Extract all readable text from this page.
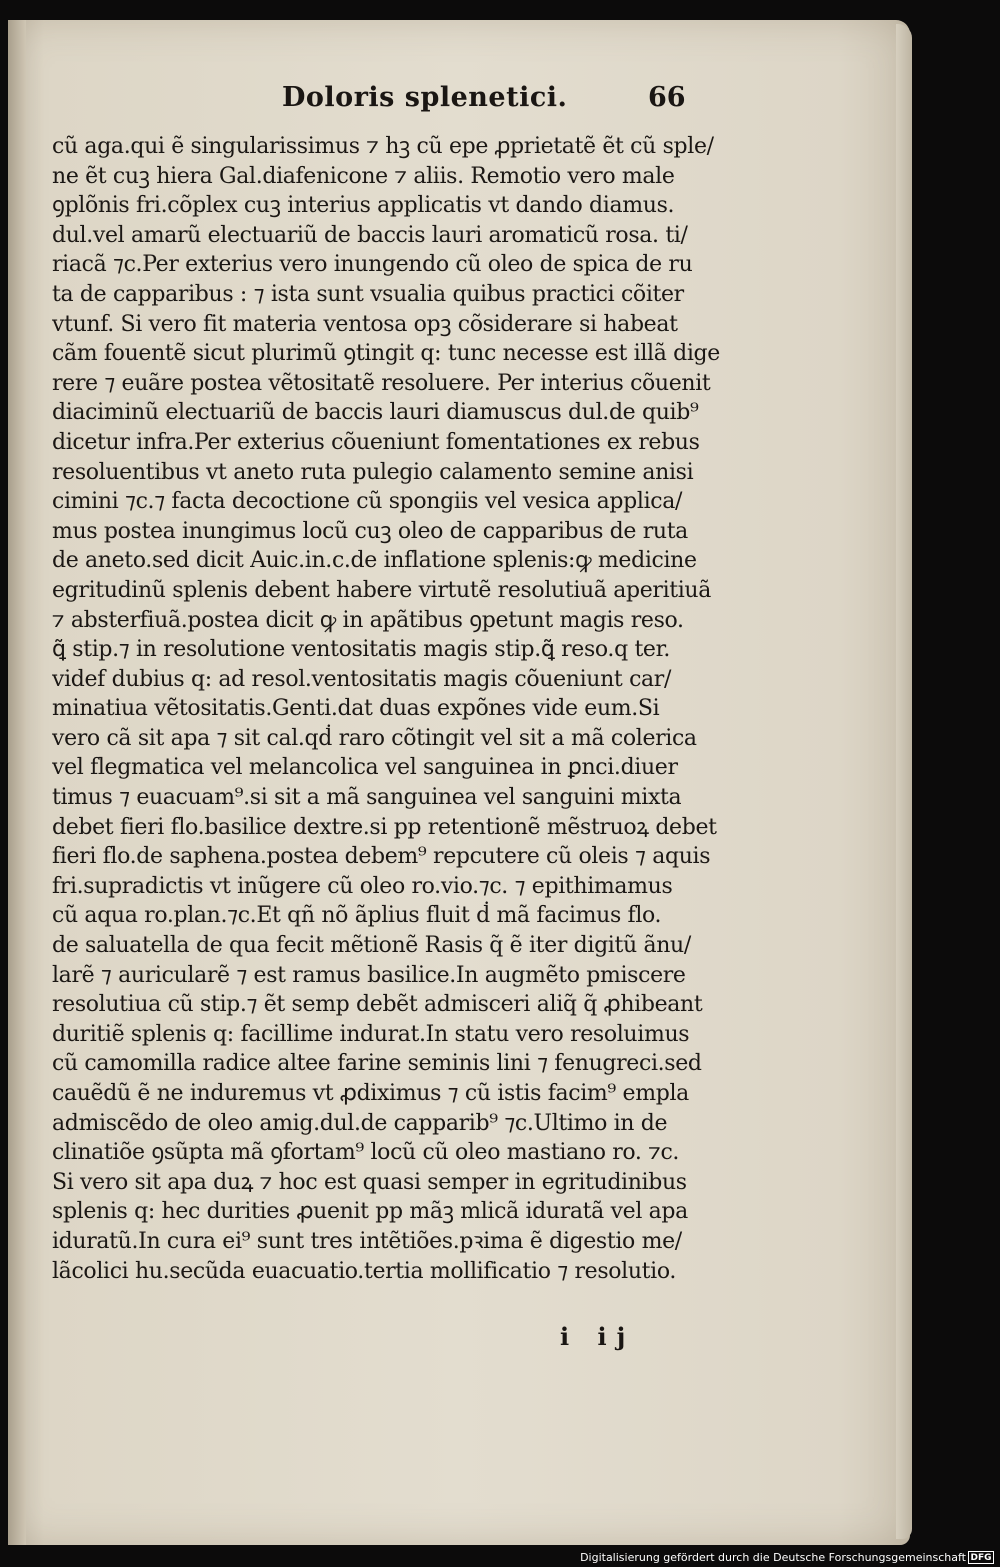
Doloris splenetici.	66
cũ aga.qui ẽ singularissimus ⁊ hꝫ cũ epe ꝓprietatẽ ẽt cũ sple/
ne ẽt cuꝫ hiera Gal.diafenicone ⁊ aliis. Remotio vero male
ꝯplõnis fri.cõplex cuꝫ interius applicatis vt dando diamus.
dul.vel amarũ electuariũ de baccis lauri aromaticũ rosa. ti/
riacã ⁊c.Per exterius vero inungendo cũ oleo de spica de ru
ta de capparibus : ⁊ ista sunt vsualia quibus practici cõiter
vtunf. Si vero fit materia ventosa opꝫ cõsiderare si habeat
cãm fouentẽ sicut plurimũ ꝯtingit q: tunc necesse est illã dige
rere ⁊ euãre postea vẽtositatẽ resoluere. Per interius cõuenit
diaciminũ electuariũ de baccis lauri diamuscus dul.de quib⁹
dicetur infra.Per exterius cõueniunt fomentationes ex rebus
resoluentibus vt aneto ruta pulegio calamento semine anisi
cimini ⁊c.⁊ facta decoctione cũ spongiis vel vesica applica/
mus postea inungimus locũ cuꝫ oleo de capparibus de ruta
de aneto.sed dicit Auic.in.c.de inflatione splenis:ꝙ medicine
egritudinũ splenis debent habere virtutẽ resolutiuã aperitiuã
⁊ absterfiuã.postea dicit ꝙ in apãtibus ꝯpetunt magis reso.
ꝗ̃ stip.⁊ in resolutione ventositatis magis stip.ꝗ̃ reso.q ter.
videf dubius q: ad resol.ventositatis magis cõueniunt car/
minatiua vẽtositatis.Genti.dat duas expõnes vide eum.Si
vero cã sit apa ⁊ sit cal.qḋ raro cõtingit vel sit a mã colerica
vel flegmatica vel melancolica vel sanguinea in ꝑnci.diuer
timus ⁊ euacuam⁹.si sit a mã sanguinea vel sanguini mixta
debet fieri flo.basilice dextre.si pp retentionẽ mẽstruoꝝ debet
fieri flo.de saphena.postea debem⁹ repcutere cũ oleis ⁊ aquis
fri.supradictis vt inũgere cũ oleo ro.vio.⁊c. ⁊ epithimamus
cũ aqua ro.plan.⁊c.Et qñ nõ ãplius fluit ḋ mã facimus flo.
de saluatella de qua fecit mẽtionẽ Rasis q̃ ẽ iter digitũ ãnu/
larẽ ⁊ auricularẽ ⁊ est ramus basilice.In augmẽto pmiscere
resolutiua cũ stip.⁊ ẽt semp debẽt admisceri aliq̃ q̃ ꝓhibeant
duritiẽ splenis q: facillime indurat.In statu vero resoluimus
cũ camomilla radice altee farine seminis lini ⁊ fenugreci.sed
cauẽdũ ẽ ne induremus vt ꝓdiximus ⁊ cũ istis facim⁹ empla
admiscẽdo de oleo amig.dul.de capparib⁹ ⁊c.Ultimo in de
clinatiõe ꝯsũpta mã ꝯfortam⁹ locũ cũ oleo mastiano ro. ⁊c.
Si vero sit apa duꝝ ⁊ hoc est quasi semper in egritudinibus
splenis q: hec durities ꝓuenit pp mãꝫ mlicã iduratã vel apa
iduratũ.In cura ei⁹ sunt tres intẽtiões.pꝛima ẽ digestio me/
lãcolici hu.secũda euacuatio.tertia mollificatio ⁊ resolutio.
i ij
Digitalisierung gefördert durch die Deutsche Forschungsgemeinschaft DFG
